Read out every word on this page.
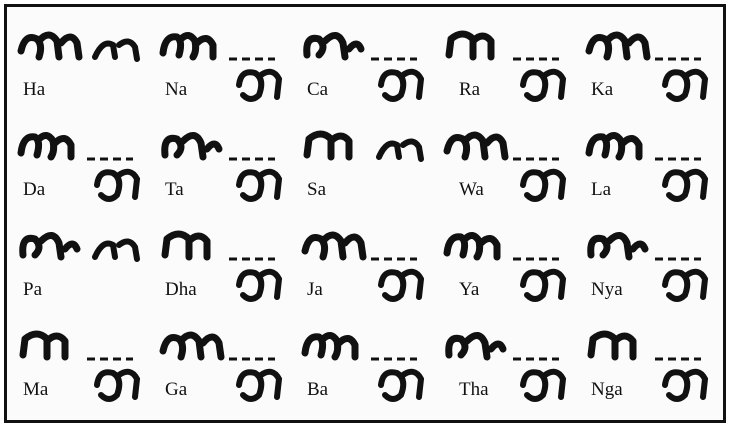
Ha	Na	Ca	Ra	Ka
Da	Ta	Sa	Wa	La
Pa	Dha	Ja	Ya	Nya
Ma	Ga	Ba	Tha	Nga
